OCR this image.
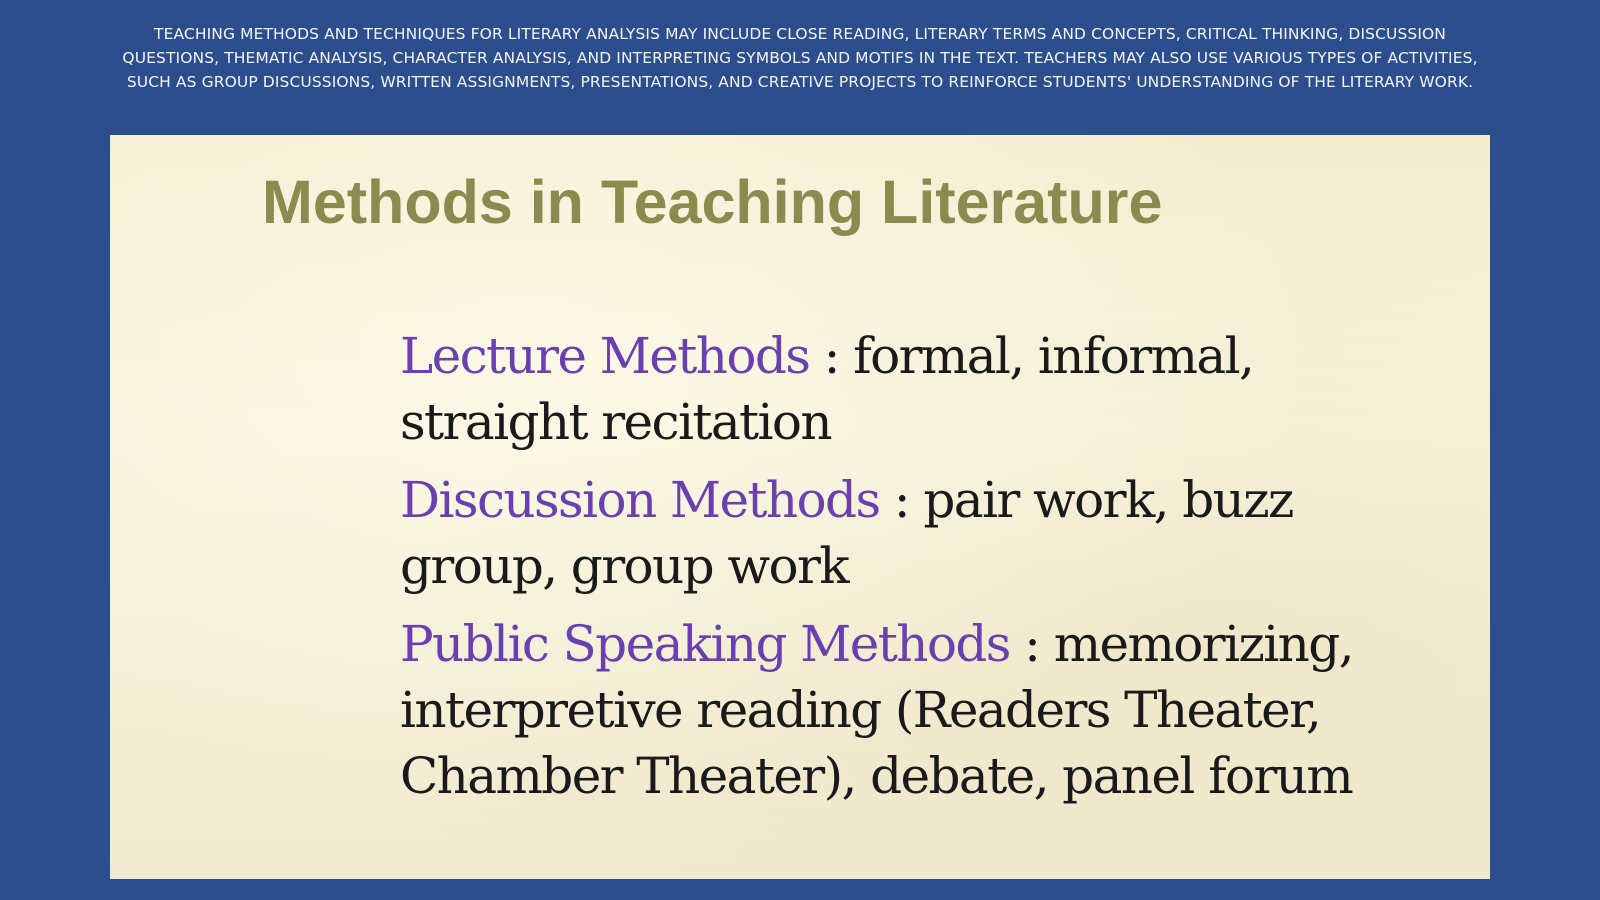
TEACHING METHODS AND TECHNIQUES FOR LITERARY ANALYSIS MAY INCLUDE CLOSE READING, LITERARY TERMS AND CONCEPTS, CRITICAL THINKING, DISCUSSION QUESTIONS, THEMATIC ANALYSIS, CHARACTER ANALYSIS, AND INTERPRETING SYMBOLS AND MOTIFS IN THE TEXT. TEACHERS MAY ALSO USE VARIOUS TYPES OF ACTIVITIES, SUCH AS GROUP DISCUSSIONS, WRITTEN ASSIGNMENTS, PRESENTATIONS, AND CREATIVE PROJECTS TO REINFORCE STUDENTS' UNDERSTANDING OF THE LITERARY WORK.
Methods in Teaching Literature
Lecture Methods : formal, informal, straight recitation
Discussion Methods : pair work, buzz group, group work
Public Speaking Methods : memorizing, interpretive reading (Readers Theater, Chamber Theater), debate, panel forum
